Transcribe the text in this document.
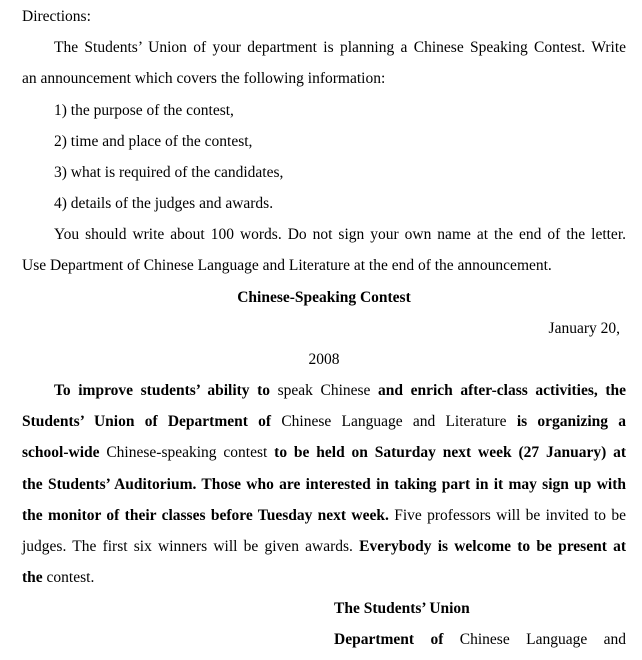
Directions:
The Students’ Union of your department is planning a Chinese Speaking Contest. Write
an announcement which covers the following information:
1) the purpose of the contest,
2) time and place of the contest,
3) what is required of the candidates,
4) details of the judges and awards.
You should write about 100 words. Do not sign your own name at the end of the letter.
Use Department of Chinese Language and Literature at the end of the announcement.
Chinese-Speaking Contest
January 20,
2008
To improve students’ ability to speak Chinese and enrich after-class activities, the
Students’ Union of Department of Chinese Language and Literature is organizing a
school-wide Chinese-speaking contest to be held on Saturday next week (27 January) at
the Students’ Auditorium. Those who are interested in taking part in it may sign up with
the monitor of their classes before Tuesday next week. Five professors will be invited to be
judges. The first six winners will be given awards. Everybody is welcome to be present at
the contest.
The Students’ Union
Department of Chinese Language and
